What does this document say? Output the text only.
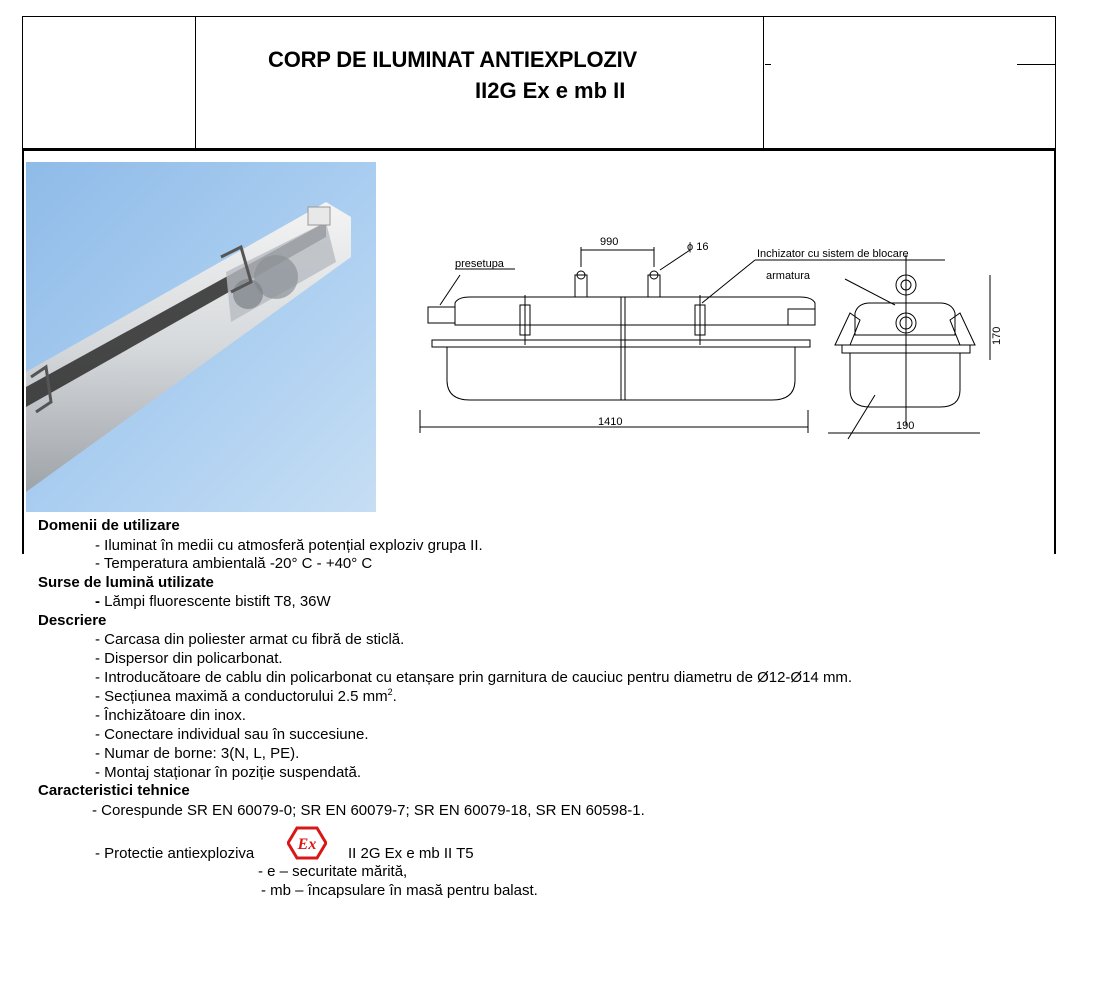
CORP DE ILUMINAT ANTIEXPLOZIV
II2G Ex e mb II
presetupa
990	ϕ 16
Inchizator cu sistem de blocare
armatura
1410	190
170
Domenii de utilizare
- Iluminat în medii cu atmosferă potențial exploziv grupa II.
- Temperatura ambientală -20° C - +40° C
Surse de lumină utilizate
- Lămpi fluorescente bistift T8, 36W
Descriere
- Carcasa din poliester armat cu fibră de sticlă.
- Dispersor din policarbonat.
- Introducătoare de cablu din policarbonat cu etanșare prin garnitura de cauciuc pentru diametru de Ø12-Ø14 mm.
- Secțiunea maximă a conductorului 2.5 $mm^2$.
- Închizătoare din inox.
- Conectare individual sau în succesiune.
- Numar de borne: 3(N, L, PE).
- Montaj staționar în poziție suspendată.
Caracteristici tehnice
- Corespunde SR EN 60079-0; SR EN 60079-7; SR EN 60079-18, SR EN 60598-1.
- Protectie antiexploziva
Ex
II 2G Ex e mb II T5
- e – securitate mărită,
- mb – încapsulare în masă pentru balast.
